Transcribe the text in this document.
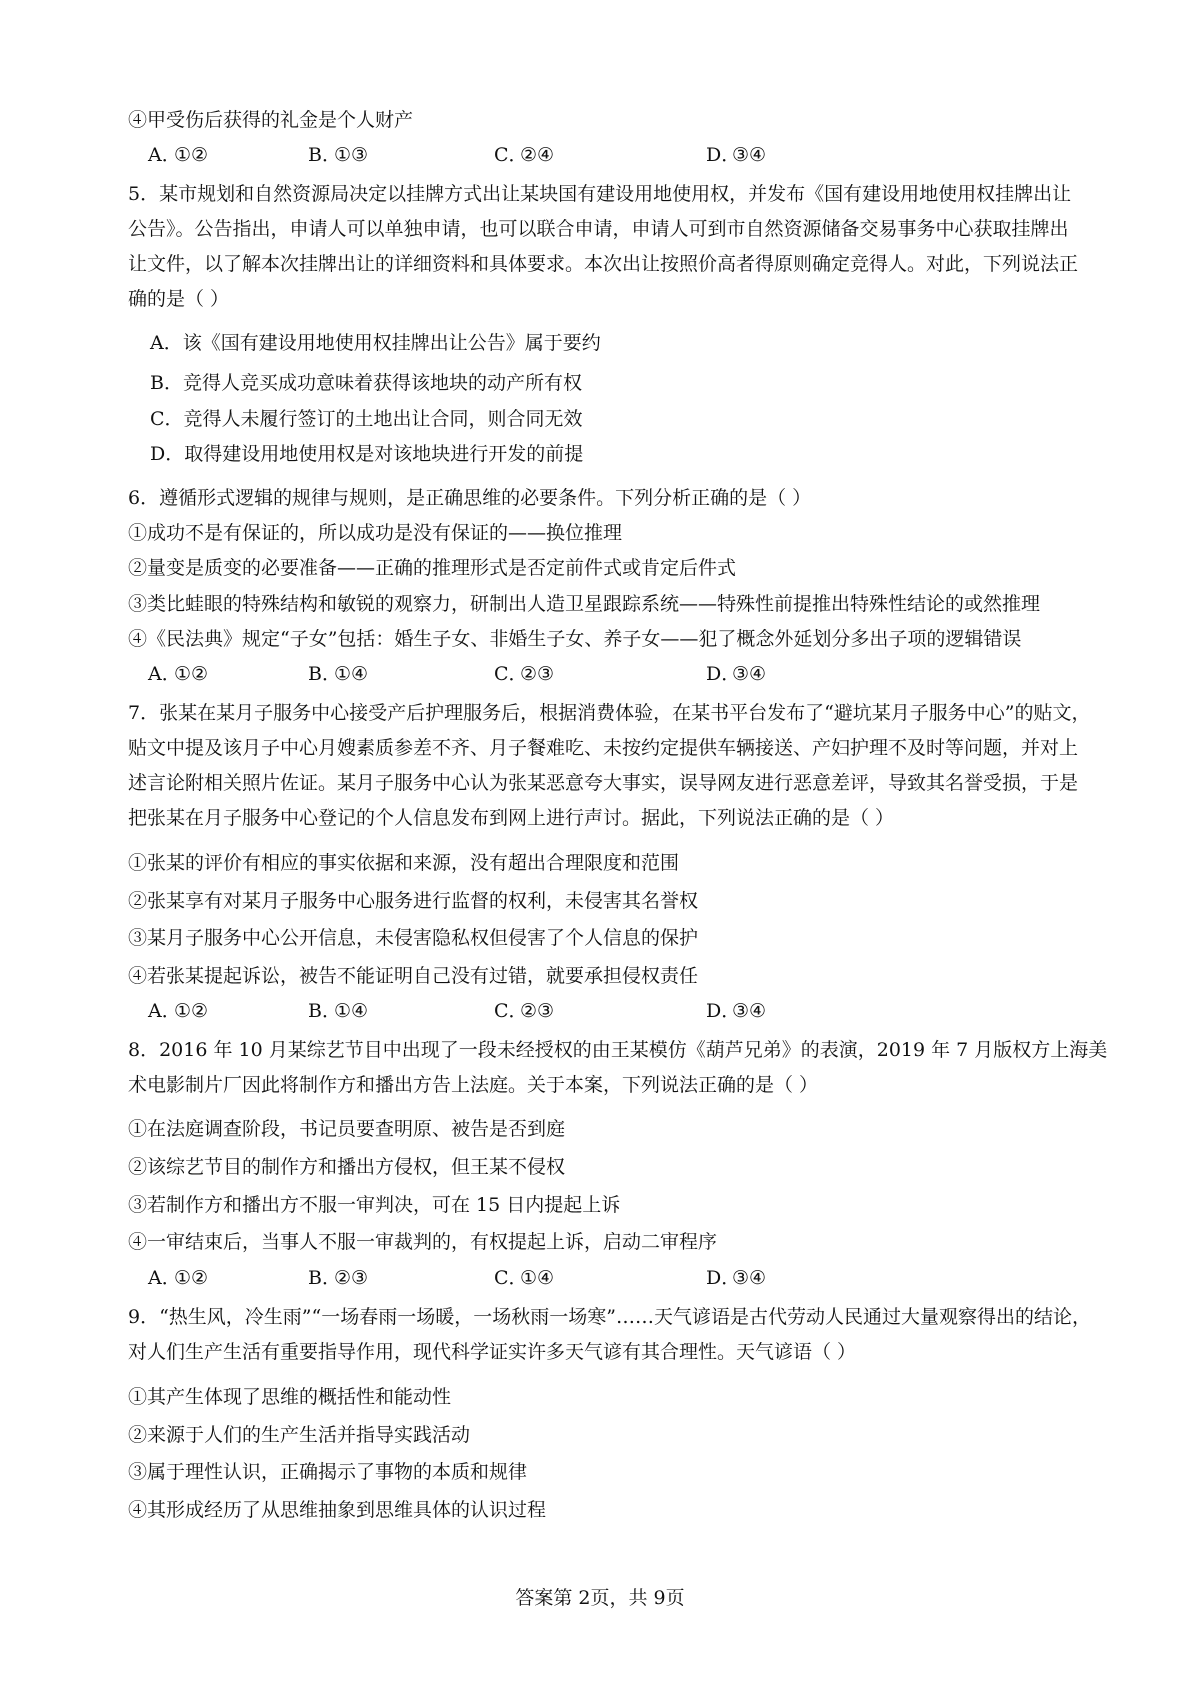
④甲受伤后获得的礼金是个人财产
A．①②	B．①③	C．②④	D．③④
5．某市规划和自然资源局决定以挂牌方式出让某块国有建设用地使用权，并发布《国有建设用地使用权挂牌出让
公告》。公告指出，申请人可以单独申请，也可以联合申请，申请人可到市自然资源储备交易事务中心获取挂牌出
让文件，以了解本次挂牌出让的详细资料和具体要求。本次出让按照价高者得原则确定竞得人。对此，下列说法正
确的是（ ）
A．该《国有建设用地使用权挂牌出让公告》属于要约
B．竞得人竞买成功意味着获得该地块的动产所有权
C．竞得人未履行签订的土地出让合同，则合同无效
D．取得建设用地使用权是对该地块进行开发的前提
6．遵循形式逻辑的规律与规则，是正确思维的必要条件。下列分析正确的是（ ）
①成功不是有保证的，所以成功是没有保证的——换位推理
②量变是质变的必要准备——正确的推理形式是否定前件式或肯定后件式
③类比蛙眼的特殊结构和敏锐的观察力，研制出人造卫星跟踪系统——特殊性前提推出特殊性结论的或然推理
④《民法典》规定“子女”包括：婚生子女、非婚生子女、养子女——犯了概念外延划分多出子项的逻辑错误
A．①②	B．①④	C．②③	D．③④
7．张某在某月子服务中心接受产后护理服务后，根据消费体验，在某书平台发布了“避坑某月子服务中心”的贴文，
贴文中提及该月子中心月嫂素质参差不齐、月子餐难吃、未按约定提供车辆接送、产妇护理不及时等问题，并对上
述言论附相关照片佐证。某月子服务中心认为张某恶意夸大事实，误导网友进行恶意差评，导致其名誉受损，于是
把张某在月子服务中心登记的个人信息发布到网上进行声讨。据此，下列说法正确的是（ ）
①张某的评价有相应的事实依据和来源，没有超出合理限度和范围
②张某享有对某月子服务中心服务进行监督的权利，未侵害其名誉权
③某月子服务中心公开信息，未侵害隐私权但侵害了个人信息的保护
④若张某提起诉讼，被告不能证明自己没有过错，就要承担侵权责任
A．①②	B．①④	C．②③	D．③④
8．2016 年 10 月某综艺节目中出现了一段未经授权的由王某模仿《葫芦兄弟》的表演，2019 年 7 月版权方上海美
术电影制片厂因此将制作方和播出方告上法庭。关于本案，下列说法正确的是（ ）
①在法庭调查阶段，书记员要查明原、被告是否到庭
②该综艺节目的制作方和播出方侵权，但王某不侵权
③若制作方和播出方不服一审判决，可在 15 日内提起上诉
④一审结束后，当事人不服一审裁判的，有权提起上诉，启动二审程序
A．①②	B．②③	C．①④	D．③④
9．“热生风，冷生雨”“一场春雨一场暖，一场秋雨一场寒”……天气谚语是古代劳动人民通过大量观察得出的结论，
对人们生产生活有重要指导作用，现代科学证实许多天气谚有其合理性。天气谚语（ ）
①其产生体现了思维的概括性和能动性
②来源于人们的生产生活并指导实践活动
③属于理性认识，正确揭示了事物的本质和规律
④其形成经历了从思维抽象到思维具体的认识过程
答案第 2页，共 9页
